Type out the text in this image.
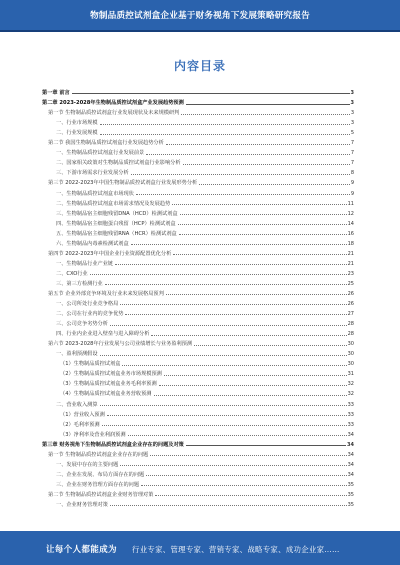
物制品质控试剂盒企业基于财务视角下发展策略研究报告
内容目录
第一章 前言	3
第二章 2023-2028年生物制品质控试剂盒产业发展趋势预测	3
第一节 生物制品质控试剂盒行业发展现状及未来规模研判	3
一、行业市场规模	3
二、行业发展规模	5
第二节 我国生物制品质控试剂盒行业发展趋势分析	7
一、生物制品质控试剂盒行业发展前景	7
二、国家相关政策对生物制品质控试剂盒行业影响分析	7
三、下游市场需求行业发展分析	8
第三节 2022-2023年中国生物制品质控试剂盒行业发展形势分析	9
一、生物制品质控试剂盒市场现状	9
二、生物制品质控试剂盒市场需求情况及发展趋势	11
三、生物制品宿主细胞残留DNA（HCD）检测试剂盒	12
四、生物制品宿主细胞蛋白残留（HCP）检测试剂盒	14
五、生物制品宿主细胞残留RNA（HCR）检测试剂盒	16
六、生物制品内毒素检测试剂盒	18
第四节 2022-2023年中国企业行业资源配置优化分析	21
一、生物制品行业产业链	21
二、CXO行业	23
三、第三方检测行业	25
第五节 企业外部竞争环境及行业未来发展格局预判	26
一、公司所处行业竞争格局	26
二、公司在行业内的竞争优势	27
三、公司竞争劣势分析	28
四、行业内企业进入壁垒与进入障碍分析	28
第六节 2023-2028年行业发展与公司业绩增长与业务盈利预测	30
一、盈利预测假设	30
（1）生物制品质控试剂盒	30
（2）生物制品质控试剂盒业务市场规模预测	31
（3）生物制品质控试剂盒业务毛利率预测	32
（4）生物制品质控试剂盒业务营收预测	32
二、营业收入测算	33
（1）营业收入预测	33
（2）毛利率预测	33
（3）净利率及营业利润预测	34
第三章 财务视角下生物制品质控试剂盒企业存在的问题及对策	34
第一节 生物制品质控试剂盒企业存在的问题	34
一、发展中存在的主要问题	34
二、企业在发展、布局方面存在的问题	34
三、企业在财务管理方面存在的问题	35
第二节 生物制品质控试剂盒企业财务管理对策	35
一、企业财务管理对策	35
让每个人都能成为 行业专家、管理专家、营销专家、战略专家、成功企业家……
